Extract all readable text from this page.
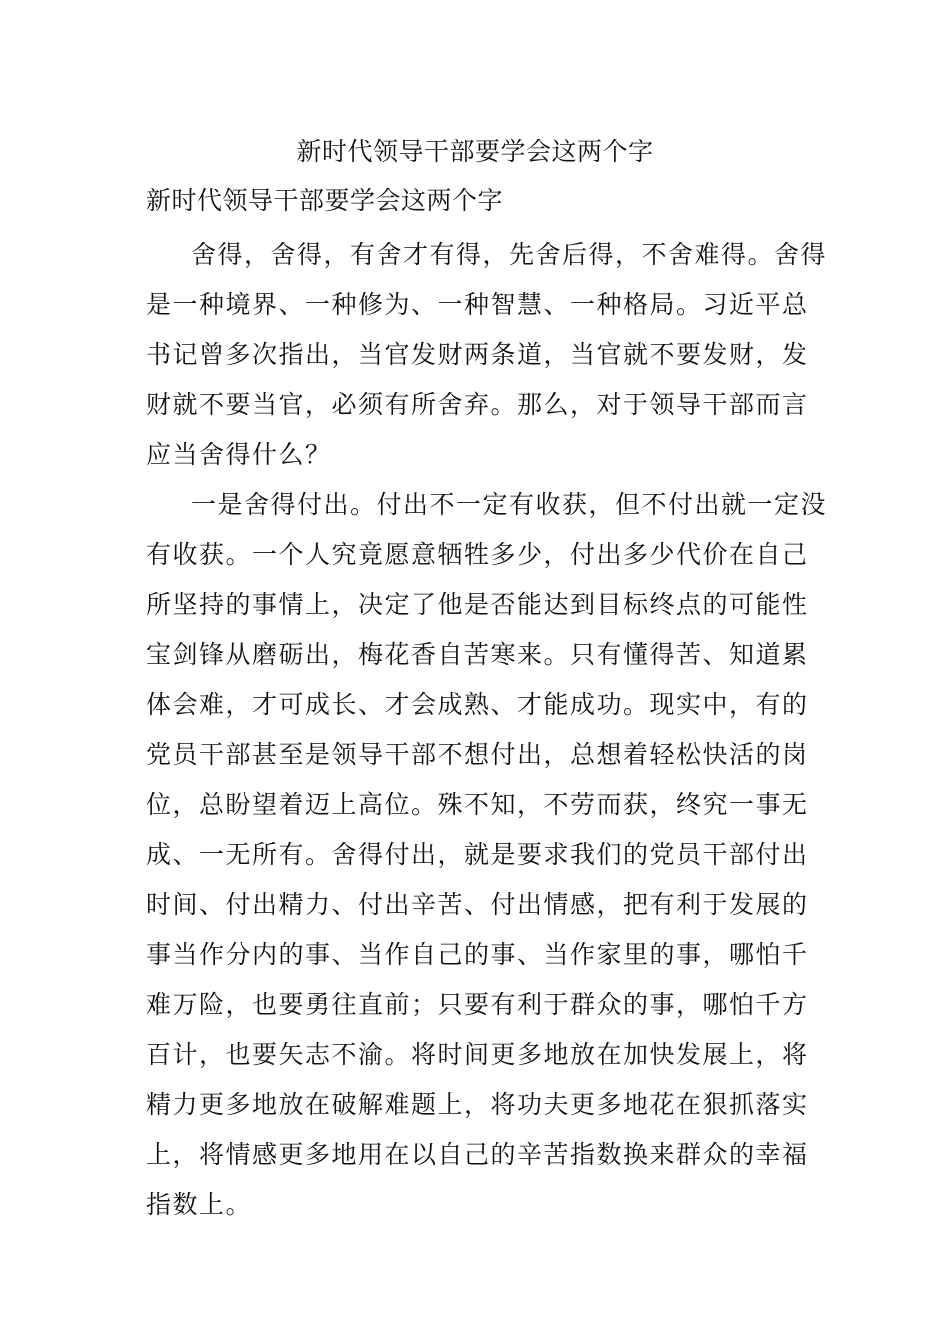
新时代领导干部要学会这两个字
新时代领导干部要学会这两个字

舍得，舍得，有舍才有得，先舍后得，不舍难得。舍得
是一种境界、一种修为、一种智慧、一种格局。习近平总
书记曾多次指出，当官发财两条道，当官就不要发财，发
财就不要当官，必须有所舍弃。那么，对于领导干部而言
应当舍得什么？

一是舍得付出。付出不一定有收获，但不付出就一定没
有收获。一个人究竟愿意牺牲多少，付出多少代价在自己
所坚持的事情上，决定了他是否能达到目标终点的可能性
宝剑锋从磨砺出，梅花香自苦寒来。只有懂得苦、知道累
体会难，才可成长、才会成熟、才能成功。现实中，有的
党员干部甚至是领导干部不想付出，总想着轻松快活的岗
位，总盼望着迈上高位。殊不知，不劳而获，终究一事无
成、一无所有。舍得付出，就是要求我们的党员干部付出
时间、付出精力、付出辛苦、付出情感，把有利于发展的
事当作分内的事、当作自己的事、当作家里的事，哪怕千
难万险，也要勇往直前；只要有利于群众的事，哪怕千方
百计，也要矢志不渝。将时间更多地放在加快发展上，将
精力更多地放在破解难题上，将功夫更多地花在狠抓落实
上，将情感更多地用在以自己的辛苦指数换来群众的幸福
指数上。
